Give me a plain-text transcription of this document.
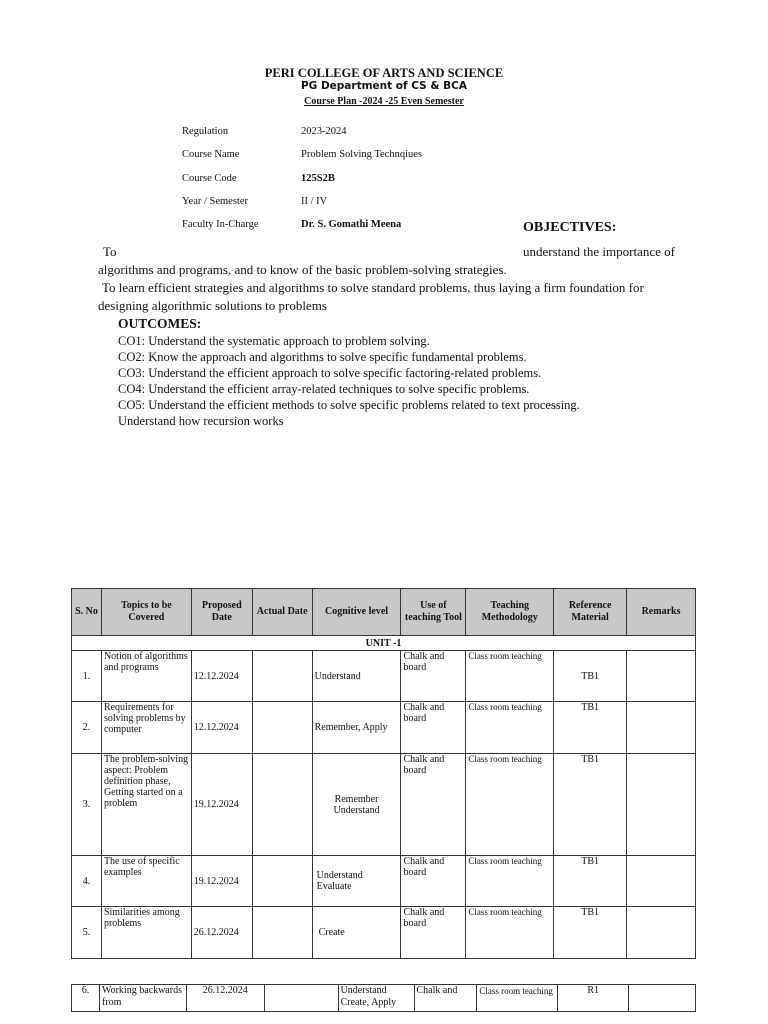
PERI COLLEGE OF ARTS AND SCIENCE
PG Department of CS & BCA
Course Plan -2024 -25 Even Semester
Regulation	2023-2024
Course Name	Problem Solving Technqiues
Course Code	125S2B
Year / Semester	II / IV
Faculty In-Charge	Dr. S. Gomathi Meena	OBJECTIVES:
To	understand the importance of
algorithms and programs, and to know of the basic problem-solving strategies.
To learn efficient strategies and algorithms to solve standard problems, thus laying a firm foundation for
designing algorithmic solutions to problems
OUTCOMES:
CO1: Understand the systematic approach to problem solving.
CO2: Know the approach and algorithms to solve specific fundamental problems.
CO3: Understand the efficient approach to solve specific factoring-related problems.
CO4: Understand the efficient array-related techniques to solve specific problems.
CO5: Understand the efficient methods to solve specific problems related to text processing.
Understand how recursion works
S. No	Topics to be Covered	Proposed Date	Actual Date	Cognitive level	Use of teaching Tool	Teaching Methodology	Reference Material	Remarks
UNIT -1								
1.	Notion of algorithms and programs	12.12.2024		Understand	Chalk and board	Class room teaching	TB1	
2.	Requirements for solving problems by computer	12.12.2024		Remember, Apply	Chalk and board	Class room teaching	TB1	
3.	The problem-solving aspect: Problem definition phase, Getting started on a problem	19.12.2024		Remember Understand	Chalk and board	Class room teaching	TB1	
4.	The use of specific examples	19.12.2024		Understand Evaluate	Chalk and board	Class room teaching	TB1	
5.	Similarities among problems	26.12.2024		Create	Chalk and board	Class room teaching	TB1	
6.	Working backwards from	26.12.2024		Understand Create, Apply	Chalk and	Class room teaching	R1	
